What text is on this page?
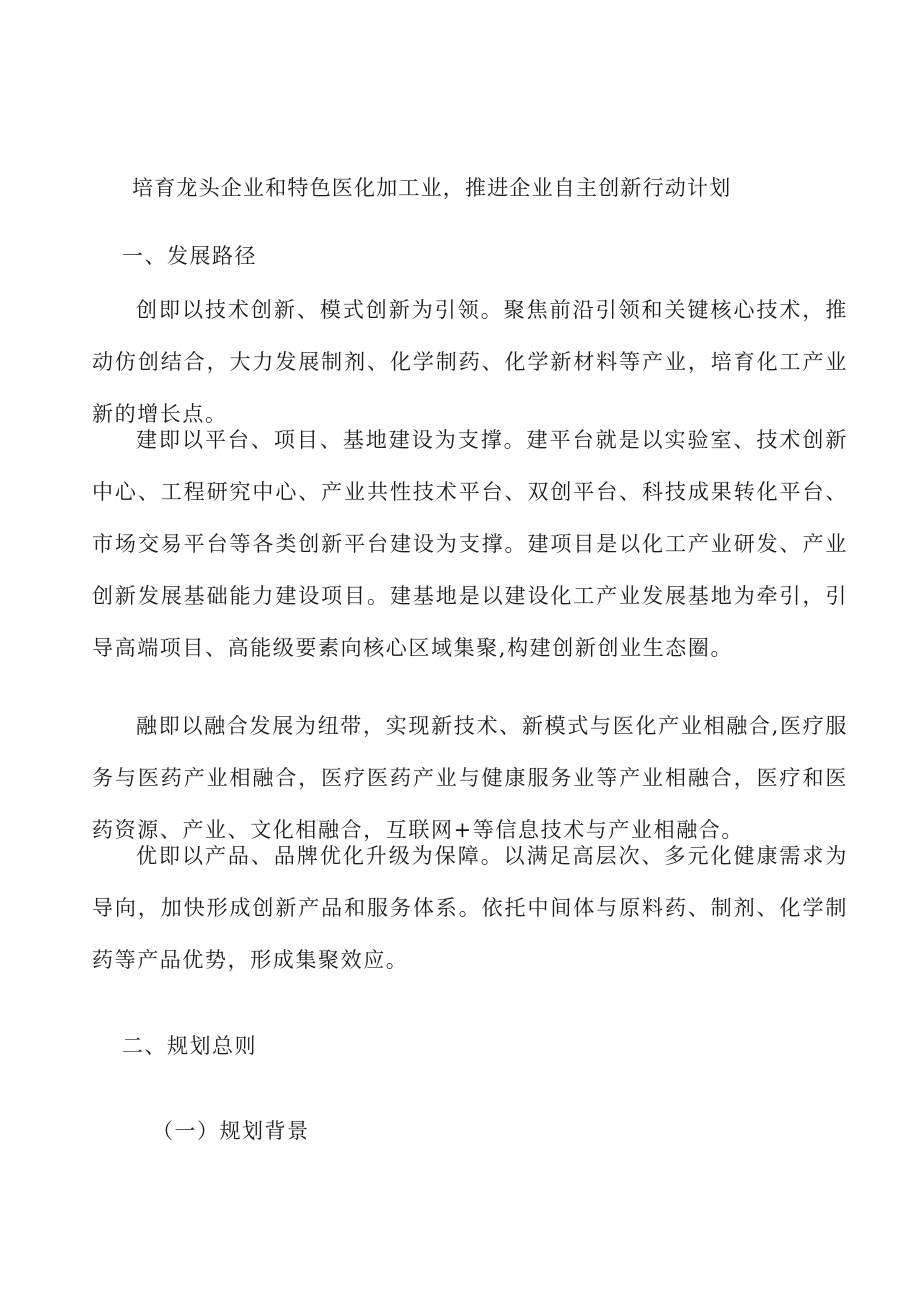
培育龙头企业和特色医化加工业，推进企业自主创新行动计划
一、发展路径
创即以技术创新、模式创新为引领。聚焦前沿引领和关键核心技术，推动仿创结合，大力发展制剂、化学制药、化学新材料等产业，培育化工产业新的增长点。
建即以平台、项目、基地建设为支撑。建平台就是以实验室、技术创新中心、工程研究中心、产业共性技术平台、双创平台、科技成果转化平台、市场交易平台等各类创新平台建设为支撑。建项目是以化工产业研发、产业创新发展基础能力建设项目。建基地是以建设化工产业发展基地为牵引，引导高端项目、高能级要素向核心区域集聚,构建创新创业生态圈。
融即以融合发展为纽带，实现新技术、新模式与医化产业相融合,医疗服务与医药产业相融合，医疗医药产业与健康服务业等产业相融合，医疗和医药资源、产业、文化相融合，互联网+等信息技术与产业相融合。
优即以产品、品牌优化升级为保障。以满足高层次、多元化健康需求为导向，加快形成创新产品和服务体系。依托中间体与原料药、制剂、化学制药等产品优势，形成集聚效应。
二、规划总则
（一）规划背景
